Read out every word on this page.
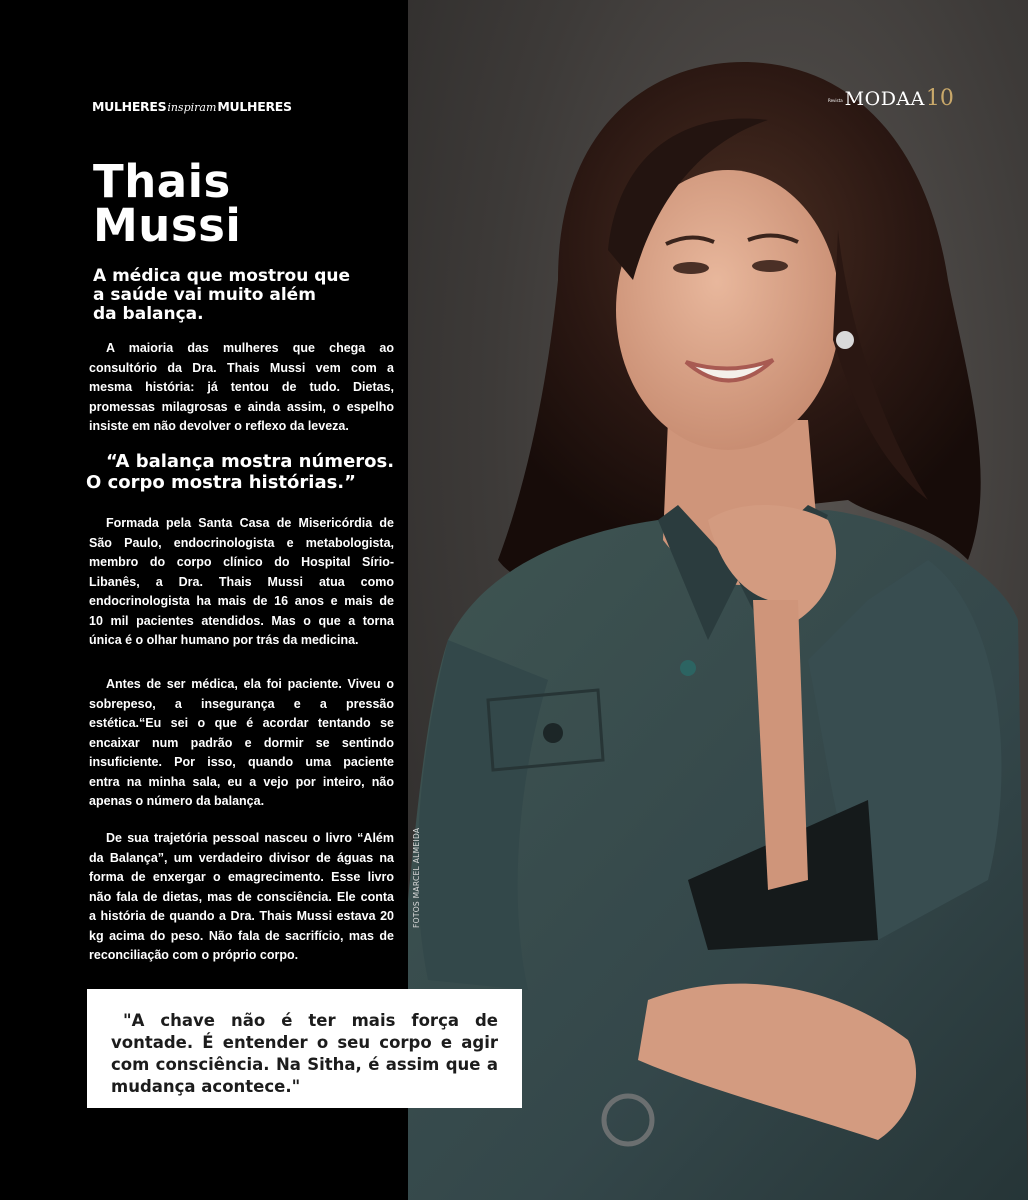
MULHERESinspiramMULHERES	Revista MODAA10
Thais
Mussi
A médica que mostrou que
a saúde vai muito além
da balança.
A maioria das mulheres que chega ao
consultório da Dra. Thais Mussi vem com a
mesma história: já tentou de tudo. Dietas,
promessas milagrosas e ainda assim, o espelho
insiste em não devolver o reflexo da leveza.
“A balança mostra números.
O corpo mostra histórias.”
Formada pela Santa Casa de Misericórdia de
São Paulo, endocrinologista e metabologista,
membro do corpo clínico do Hospital Sírio-
Libanês, a Dra. Thais Mussi atua como
endocrinologista ha mais de 16 anos e mais de
10 mil pacientes atendidos. Mas o que a torna
única é o olhar humano por trás da medicina.
Antes de ser médica, ela foi paciente. Viveu o
sobrepeso, a insegurança e a pressão
estética.“Eu sei o que é acordar tentando se
encaixar num padrão e dormir se sentindo
insuficiente. Por isso, quando uma paciente
entra na minha sala, eu a vejo por inteiro, não
apenas o número da balança.
De sua trajetória pessoal nasceu o livro “Além
da Balança”, um verdadeiro divisor de águas na
forma de enxergar o emagrecimento. Esse livro
não fala de dietas, mas de consciência. Ele conta
a história de quando a Dra. Thais Mussi estava 20
kg acima do peso. Não fala de sacrifício, mas de
reconciliação com o próprio corpo.
FOTOS MARCEL ALMEIDA
"A chave não é ter mais força de
vontade. É entender o seu corpo e agir
com consciência. Na Sitha, é assim que a
mudança acontece."
